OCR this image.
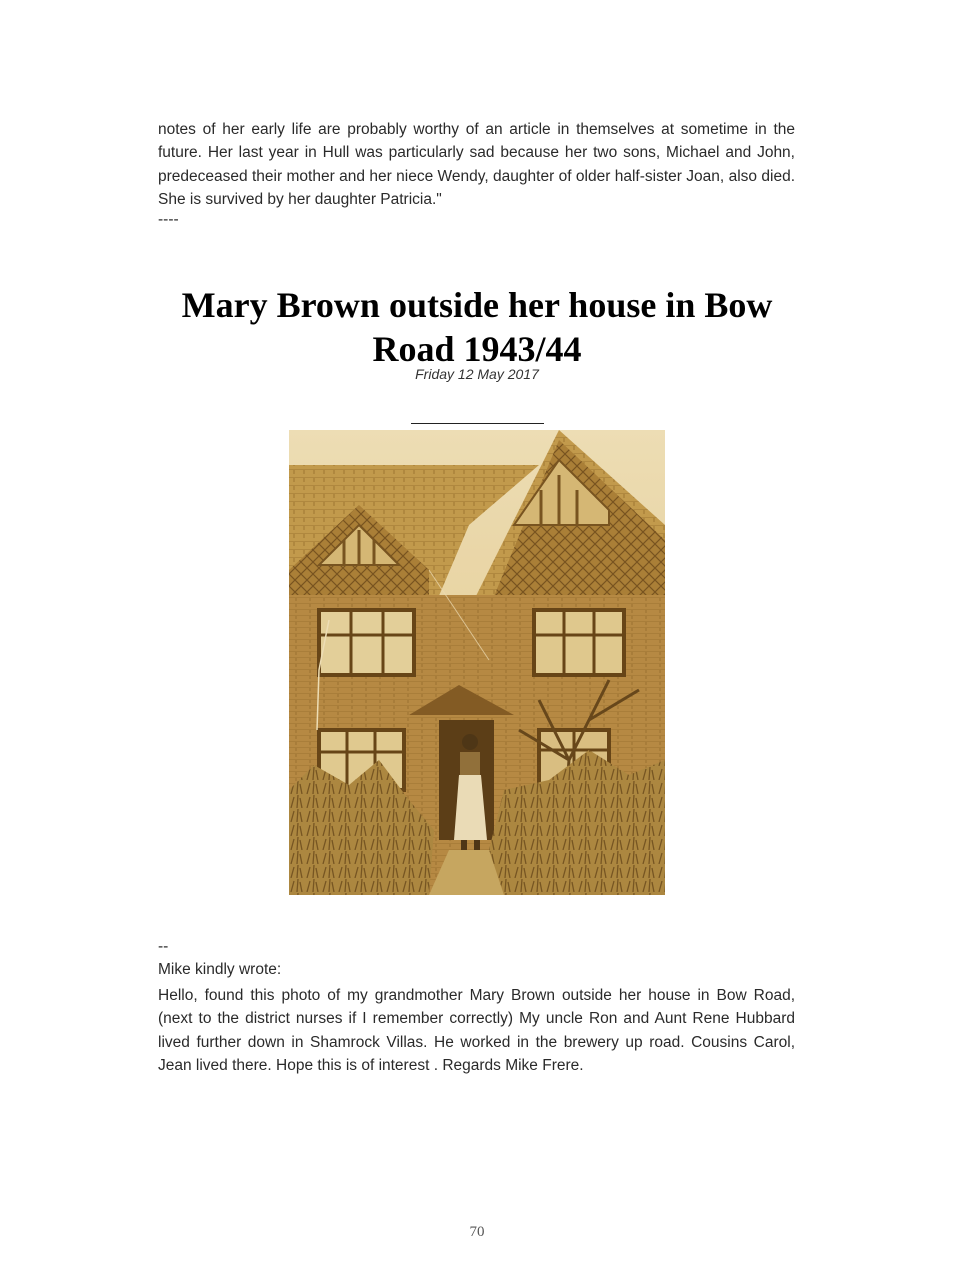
notes of her early life are probably worthy of an article in themselves at sometime in the future. Her last year in Hull was particularly sad because her two sons, Michael and John, predeceased their mother and her niece Wendy, daughter of older half-sister Joan, also died. She is survived by her daughter Patricia."
----
Mary Brown outside her house in Bow Road 1943/44
Friday 12 May 2017
--
Mike kindly wrote:
Hello, found this photo of my grandmother Mary Brown outside her house in Bow Road, (next to the district nurses if I remember correctly) My uncle Ron and Aunt Rene Hubbard lived further down in Shamrock Villas. He worked in the brewery up road. Cousins Carol, Jean lived there. Hope this is of interest . Regards Mike Frere.
70
